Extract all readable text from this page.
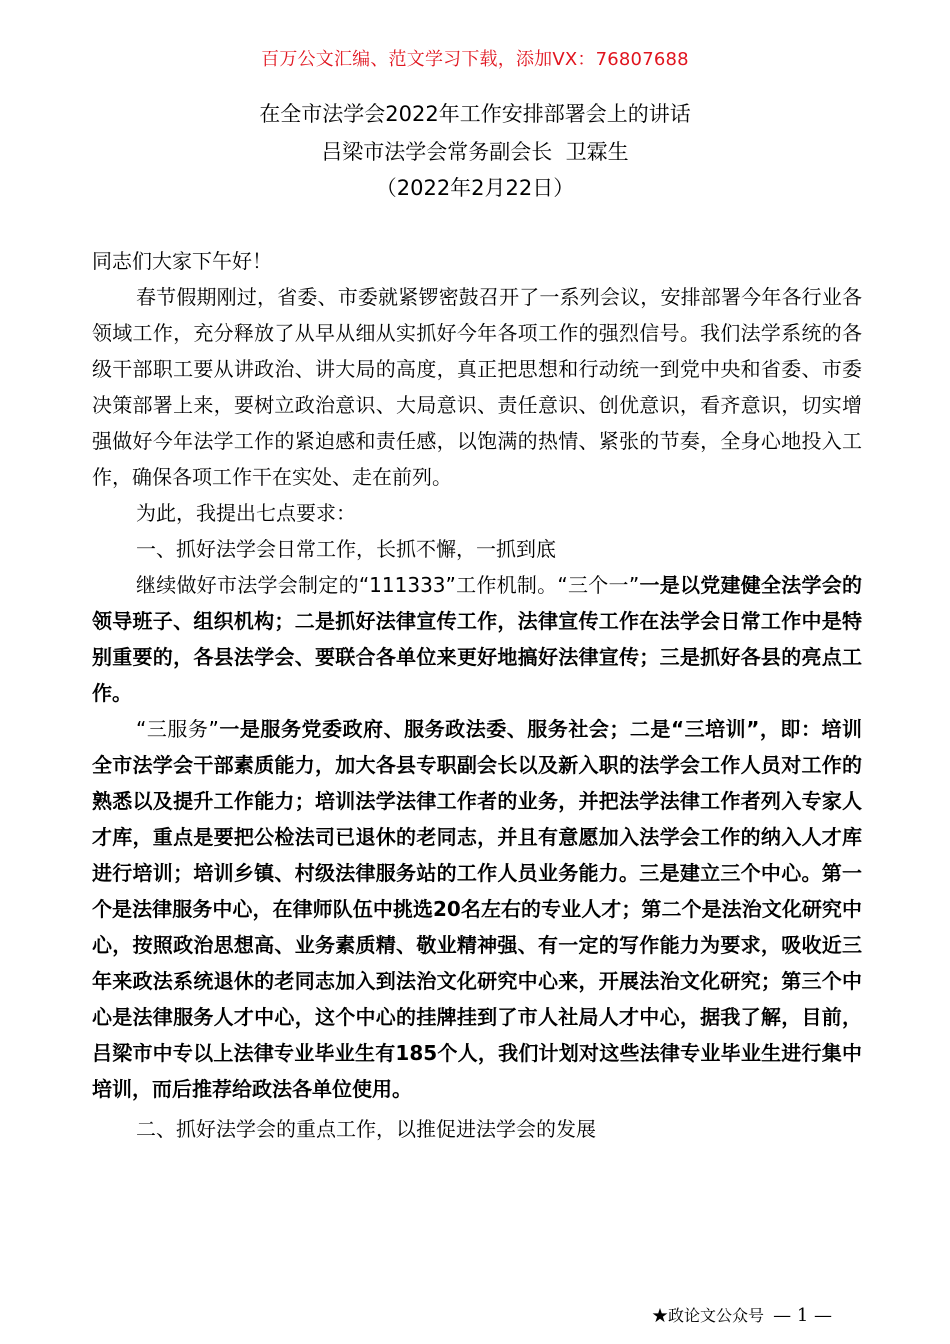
百万公文汇编、范文学习下载，添加VX：76807688
在全市法学会2022年工作安排部署会上的讲话
吕梁市法学会常务副会长  卫霖生
（2022年2月22日）

同志们大家下午好！

春节假期刚过，省委、市委就紧锣密鼓召开了一系列会议，安排部署今年各行业各领域工作，充分释放了从早从细从实抓好今年各项工作的强烈信号。我们法学系统的各级干部职工要从讲政治、讲大局的高度，真正把思想和行动统一到党中央和省委、市委决策部署上来，要树立政治意识、大局意识、责任意识、创优意识，看齐意识，切实增强做好今年法学工作的紧迫感和责任感，以饱满的热情、紧张的节奏，全身心地投入工作，确保各项工作干在实处、走在前列。

为此，我提出七点要求：

一、抓好法学会日常工作，长抓不懈，一抓到底

继续做好市法学会制定的“111333”工作机制。“三个一”一是以党建健全法学会的领导班子、组织机构；二是抓好法律宣传工作，法律宣传工作在法学会日常工作中是特别重要的，各县法学会、要联合各单位来更好地搞好法律宣传；三是抓好各县的亮点工作。

“三服务”一是服务党委政府、服务政法委、服务社会；二是“三培训”，即：培训全市法学会干部素质能力，加大各县专职副会长以及新入职的法学会工作人员对工作的熟悉以及提升工作能力；培训法学法律工作者的业务，并把法学法律工作者列入专家人才库，重点是要把公检法司已退休的老同志，并且有意愿加入法学会工作的纳入人才库进行培训；培训乡镇、村级法律服务站的工作人员业务能力。三是建立三个中心。第一个是法律服务中心，在律师队伍中挑选20名左右的专业人才；第二个是法治文化研究中心，按照政治思想高、业务素质精、敬业精神强、有一定的写作能力为要求，吸收近三年来政法系统退休的老同志加入到法治文化研究中心来，开展法治文化研究；第三个中心是法律服务人才中心，这个中心的挂牌挂到了市人社局人才中心，据我了解，目前，吕梁市中专以上法律专业毕业生有185个人，我们计划对这些法律专业毕业生进行集中培训，而后推荐给政法各单位使用。

二、抓好法学会的重点工作，以推促进法学会的发展

★政论文公众号 — 1 —
